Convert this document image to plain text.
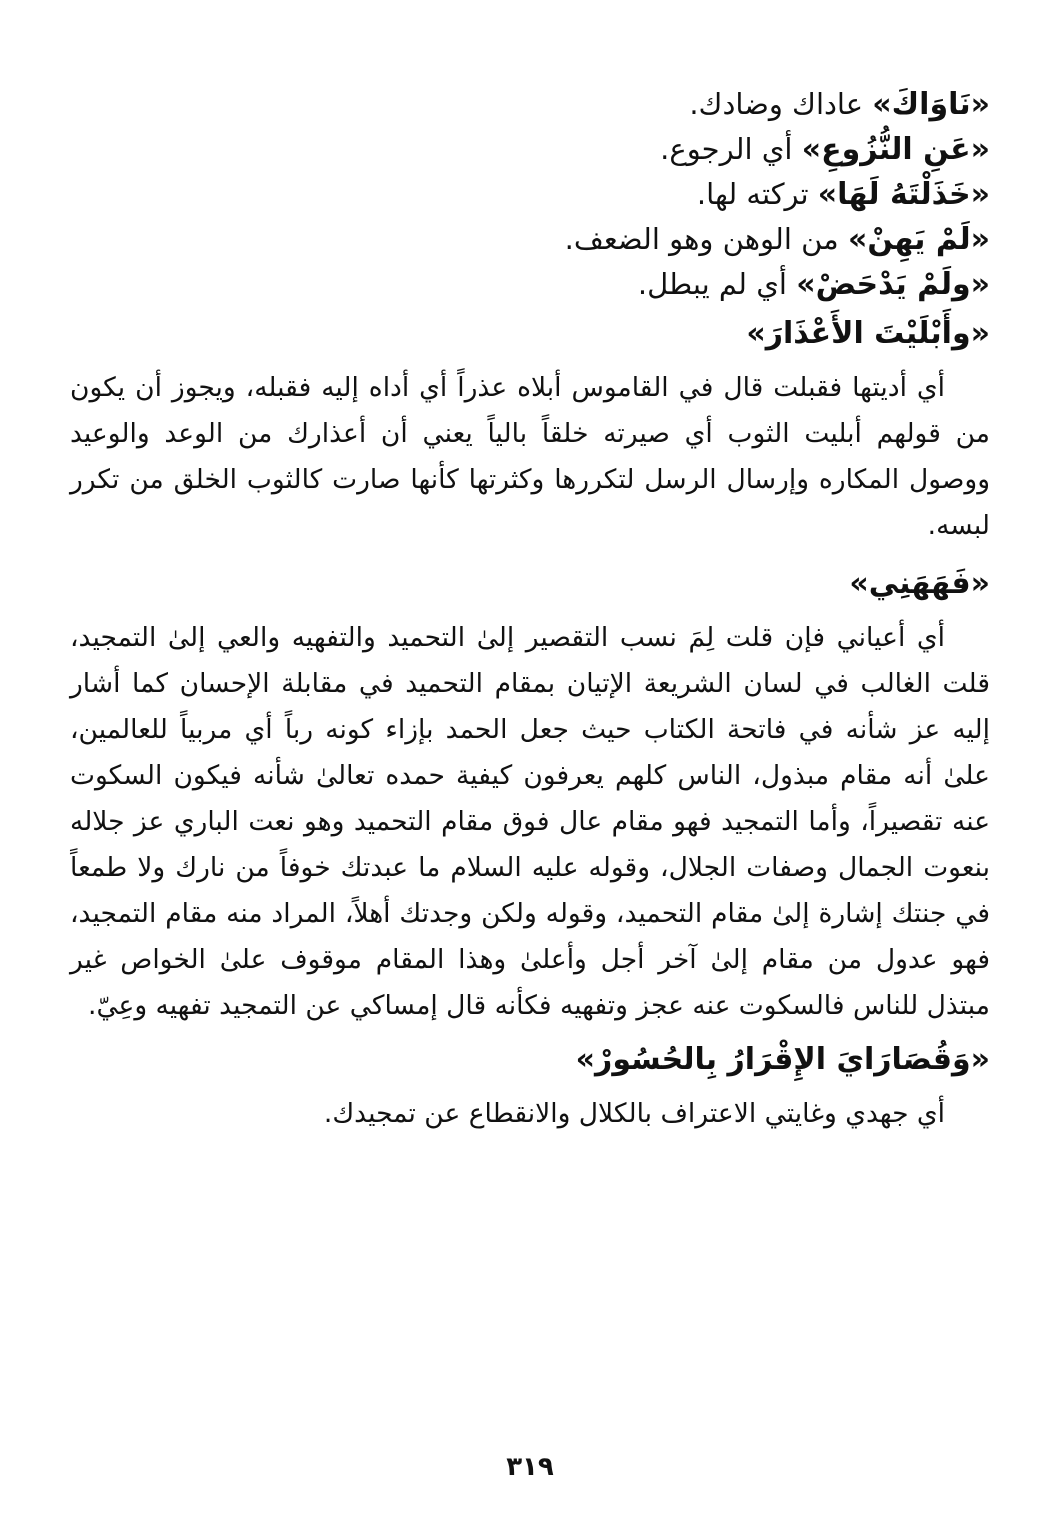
«نَاوَاكَ» عاداك وضادك.

«عَنِ النُّزُوعِ» أي الرجوع.

«خَذَلْتَهُ لَهَا» تركته لها.

«لَمْ يَهِنْ» من الوهن وهو الضعف.

«ولَمْ يَدْحَضْ» أي لم يبطل.

«وأَبْلَيْتَ الأَعْذَارَ»

أي أديتها فقبلت قال في القاموس أبلاه عذراً أي أداه إليه فقبله، ويجوز أن يكون من قولهم أبليت الثوب أي صيرته خلقاً بالياً يعني أن أعذارك من الوعد والوعيد ووصول المكاره وإرسال الرسل لتكررها وكثرتها كأنها صارت كالثوب الخلق من تكرر لبسه.

«فَهَهَنِي»

أي أعياني فإن قلت لِمَ نسب التقصير إلىٰ التحميد والتفهيه والعي إلىٰ التمجيد، قلت الغالب في لسان الشريعة الإتيان بمقام التحميد في مقابلة الإحسان كما أشار إليه عز شأنه في فاتحة الكتاب حيث جعل الحمد بإزاء كونه رباً أي مربياً للعالمين، علىٰ أنه مقام مبذول، الناس كلهم يعرفون كيفية حمده تعالىٰ شأنه فيكون السكوت عنه تقصيراً، وأما التمجيد فهو مقام عال فوق مقام التحميد وهو نعت الباري عز جلاله بنعوت الجمال وصفات الجلال، وقوله عليه السلام ما عبدتك خوفاً من نارك ولا طمعاً في جنتك إشارة إلىٰ مقام التحميد، وقوله ولكن وجدتك أهلاً، المراد منه مقام التمجيد، فهو عدول من مقام إلىٰ آخر أجل وأعلىٰ وهذا المقام موقوف علىٰ الخواص غير مبتذل للناس فالسكوت عنه عجز وتفهيه فكأنه قال إمساكي عن التمجيد تفهيه وعِيّ.

«وَقُصَارَايَ الإِقْرَارُ بِالحُسُورْ»

أي جهدي وغايتي الاعتراف بالكلال والانقطاع عن تمجيدك.

٣١٩
